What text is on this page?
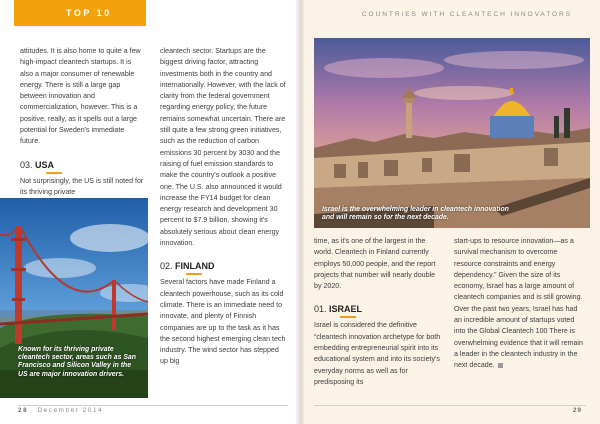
TOP 10

attitudes. It is also home to quite a few high-impact cleantech startups. It is also a major consumer of renewable energy. There is still a large gap between innovation and commercialization, however. This is a positive, really, as it spells out a large potential for Sweden's immediate future.

03. USA

Not surprisingly, the US is still noted for its thriving private

Known for its thriving private cleantech sector, areas such as San Francisco and Silicon Valley in the US are major innovation drivers.

cleantech sector. Startups are the biggest driving factor, attracting investments both in the country and internationally. However, with the lack of clarity from the federal government regarding energy policy, the future remains somewhat uncertain. There are still quite a few strong green initiatives, such as the reduction of carbon emissions 30 percent by 3030 and the raising of fuel emission standards to make the country's outlook a positive one. The U.S. also announced it would increase the FY14 budget for clean energy research and development 30 percent to $7.9 billion, showing it's absolutely serious about clean energy innovation.

02. FINLAND

Several factors have made Finland a cleantech powerhouse, such as its cold climate. There is an immediate need to innovate, and plenty of Finnish companies are up to the task as it has the second highest emerging clean tech industry. The wind sector has stepped up big

28 December 2014
COUNTRIES WITH CLEANTECH INNOVATORS
Israel is the overwhelming leader in cleantech innovation and will remain so for the next decade.

time, as it's one of the largest in the world. Cleantech in Finland currently employs 50,000 people, and the report projects that number will nearly double by 2020.

01. ISRAEL

Israel is considered the definitive “cleantech innovation archetype for both embedding entrepreneurial spirit into its educational system and into its society's everyday norms as well as for predisposing its

start-ups to resource innovation—as a survival mechanism to overcome resource constraints and energy dependency.” Given the size of its economy, Israel has a large amount of cleantech companies and is still growing. Over the past two years, Israel has had an incredible amount of startups voted into the Global Cleantech 100 There is overwhelming evidence that it will remain a leader in the cleantech industry in the next decade.

29
